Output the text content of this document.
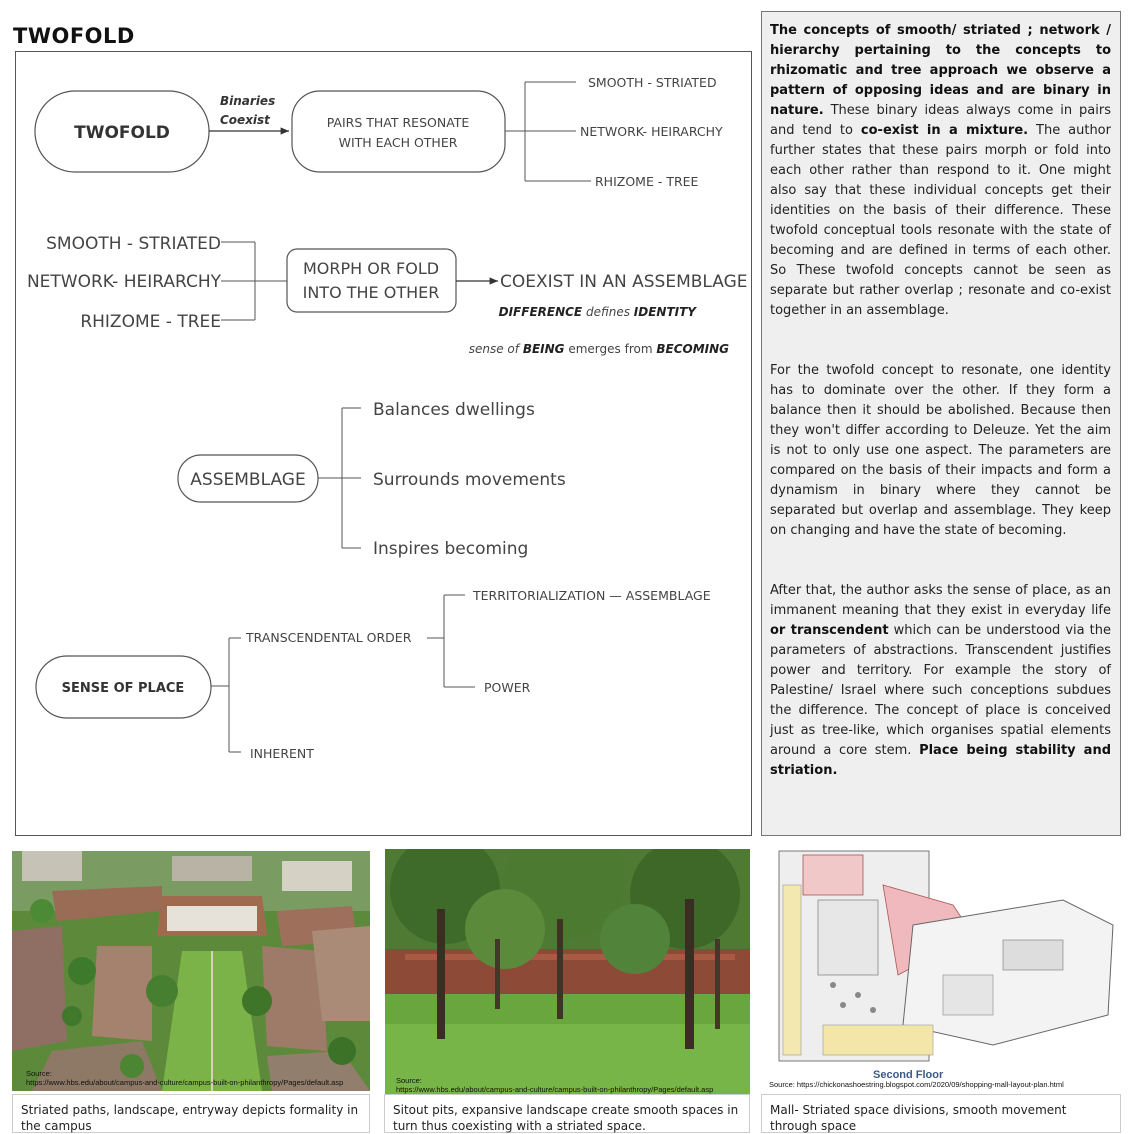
TWOFOLD
TWOFOLD
Binaries
Coexist	PAIRS THAT RESONATE
WITH EACH OTHER
SMOOTH - STRIATED
NETWORK- HEIRARCHY
RHIZOME - TREE
SMOOTH - STRIATED
NETWORK- HEIRARCHY
RHIZOME - TREE
MORPH OR FOLD
INTO THE OTHER
COEXIST IN AN ASSEMBLAGE
DIFFERENCE defines IDENTITY
sense of BEING emerges from BECOMING
ASSEMBLAGE
Balances dwellings
Surrounds movements
Inspires becoming
SENSE OF PLACE
TRANSCENDENTAL ORDER
TERRITORIALIZATION — ASSEMBLAGE
POWER
INHERENT

The concepts of smooth/ striated ; network / hierarchy pertaining to the concepts to rhizomatic and tree approach we observe a pattern of opposing ideas and are binary in nature. These binary ideas always come in pairs and tend to co-exist in a mixture. The author further states that these pairs morph or fold into each other rather than respond to it. One might also say that these individual concepts get their identities on the basis of their difference. These twofold conceptual tools resonate with the state of becoming and are defined in terms of each other. So These twofold concepts cannot be seen as separate but rather overlap ; resonate and co-exist together in an assemblage.

For the twofold concept to resonate, one identity has to dominate over the other. If they form a balance then it should be abolished. Because then they won't differ according to Deleuze. Yet the aim is not to only use one aspect. The parameters are compared on the basis of their impacts and form a dynamism in binary where they cannot be separated but overlap and assemblage. They keep on changing and have the state of becoming.

After that, the author asks the sense of place, as an immanent meaning that they exist in everyday life or transcendent which can be understood via the parameters of abstractions. Transcendent justifies power and territory. For example the story of Palestine/ Israel where such conceptions subdues the difference. The concept of place is conceived just as tree-like, which organises spatial elements around a core stem. Place being stability and striation.

Source:
https://www.hbs.edu/about/campus-and-culture/campus-built-on-philanthropy/Pages/default.asp	Source:
https://www.hbs.edu/about/campus-and-culture/campus-built-on-philanthropy/Pages/default.asp
Second Floor
Source: https://chickonashoestring.blogspot.com/2020/09/shopping-mall-layout-plan.html
Striated paths, landscape, entryway depicts formality in the campus
Sitout pits, expansive landscape create smooth spaces in turn thus coexisting with a striated space.
Mall- Striated space divisions, smooth movement through space
